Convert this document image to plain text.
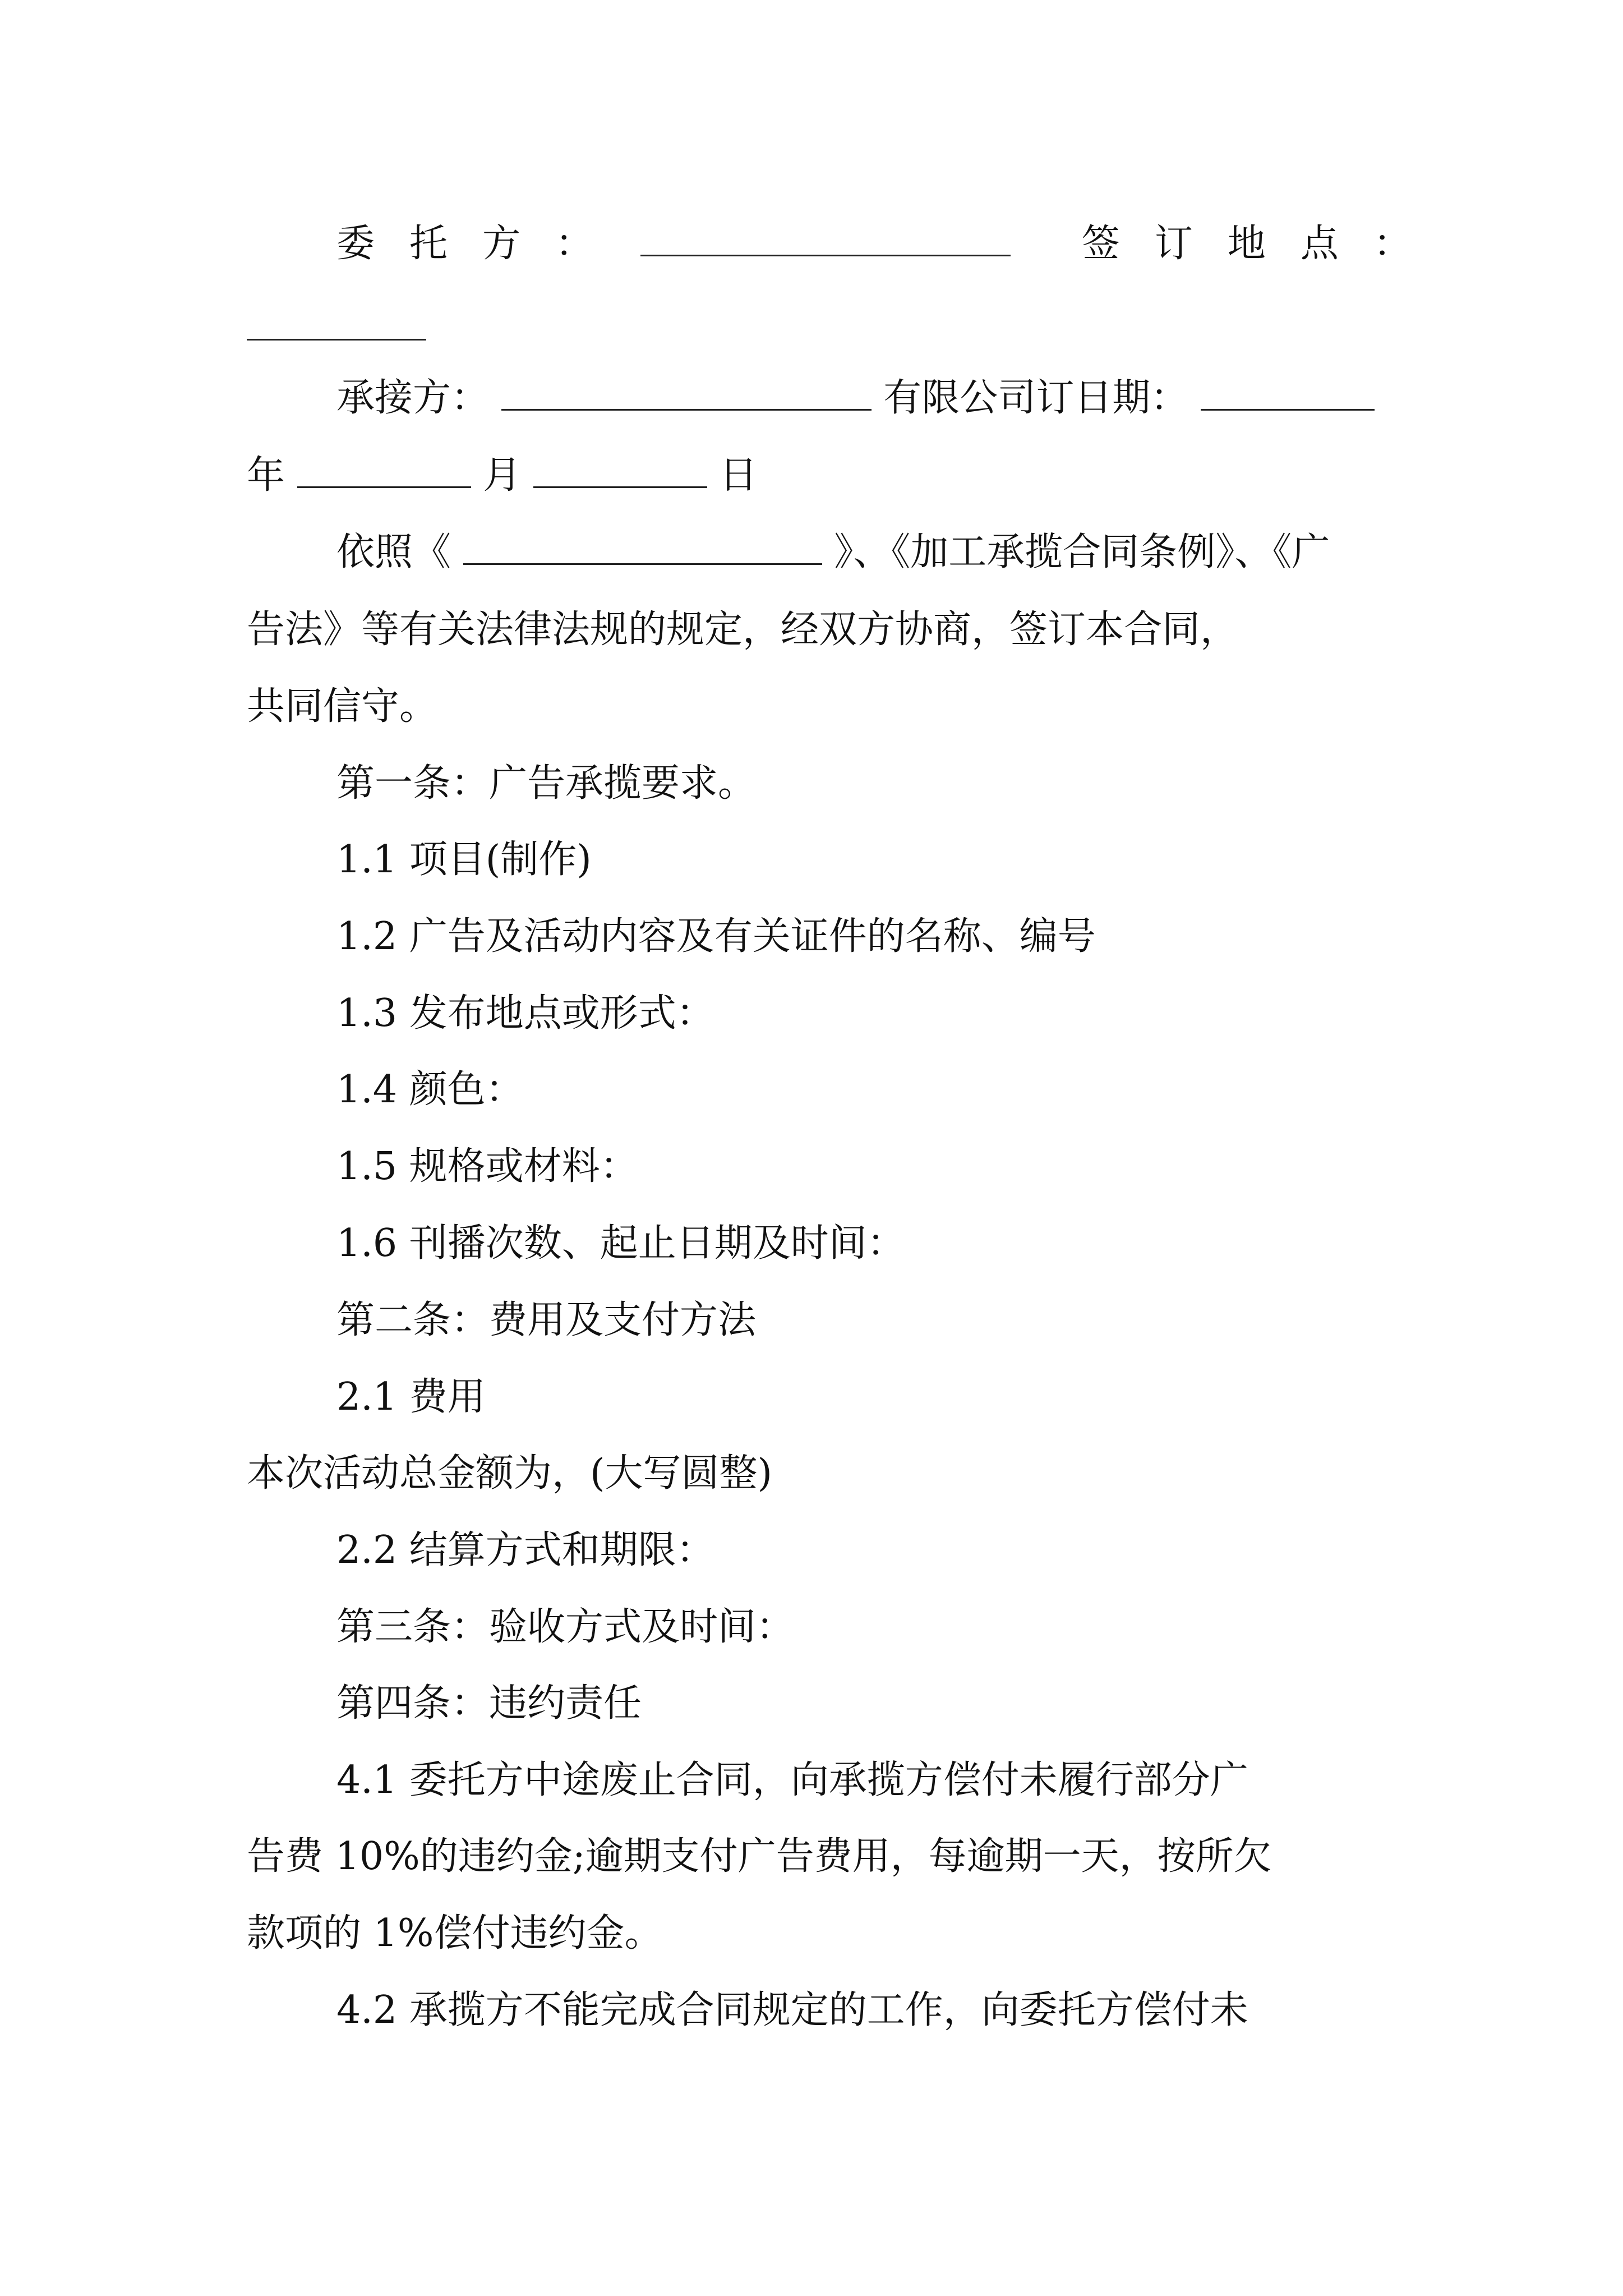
委托方：	签订地点：
承接方：	有限公司订日期：
年	月	日
依照《	》、《加工承揽合同条例》、《广
告法》等有关法律法规的规定，经双方协商，签订本合同，
共同信守。
第一条：广告承揽要求。
1.1 项目(制作)
1.2 广告及活动内容及有关证件的名称、编号
1.3 发布地点或形式：
1.4 颜色：
1.5 规格或材料：
1.6 刊播次数、起止日期及时间：
第二条：费用及支付方法
2.1 费用
本次活动总金额为，(大写圆整)
2.2 结算方式和期限：
第三条：验收方式及时间：
第四条：违约责任
4.1 委托方中途废止合同，向承揽方偿付未履行部分广
告费 10%的违约金;逾期支付广告费用，每逾期一天，按所欠
款项的 1%偿付违约金。
4.2 承揽方不能完成合同规定的工作，向委托方偿付未
